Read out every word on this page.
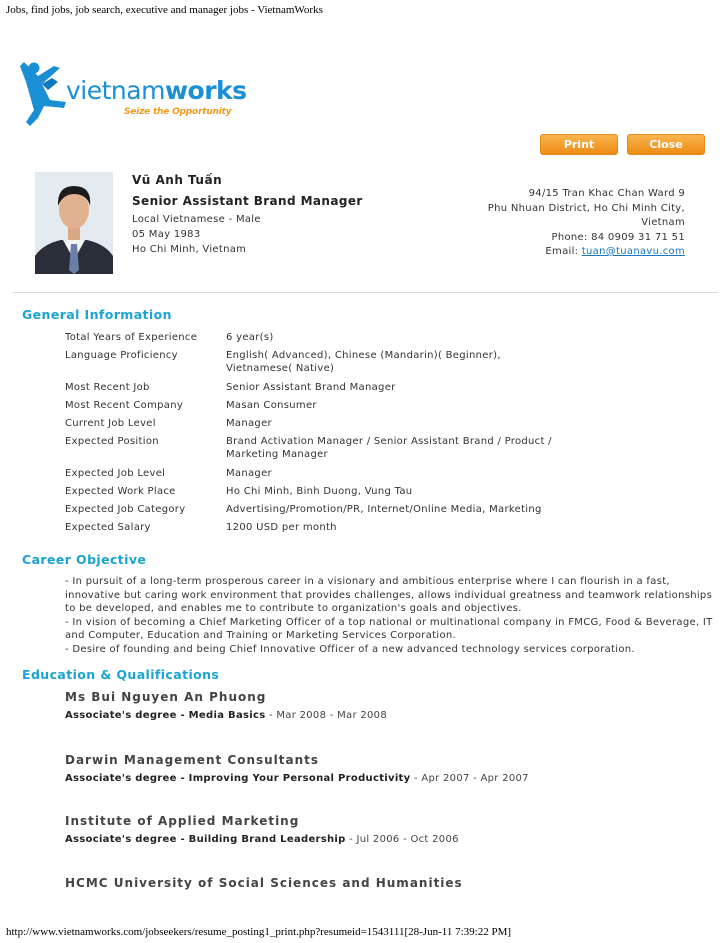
Jobs, find jobs, job search, executive and manager jobs - VietnamWorks
vietnamworks
Seize the Opportunity
Print	Close
Vũ Anh Tuấn
Senior Assistant Brand Manager
Local Vietnamese - Male
05 May 1983
Ho Chi Minh, Vietnam
94/15 Tran Khac Chan Ward 9
Phu Nhuan District, Ho Chi Minh City,
Vietnam
Phone: 84 0909 31 71 51
Email: tuan@tuanavu.com
General Information
Total Years of Experience	6 year(s)
Language Proficiency	English( Advanced), Chinese (Mandarin)( Beginner), Vietnamese( Native)
Most Recent Job	Senior Assistant Brand Manager
Most Recent Company	Masan Consumer
Current Job Level	Manager
Expected Position	Brand Activation Manager / Senior Assistant Brand / Product / Marketing Manager
Expected Job Level	Manager
Expected Work Place	Ho Chi Minh, Binh Duong, Vung Tau
Expected Job Category	Advertising/Promotion/PR, Internet/Online Media, Marketing
Expected Salary	1200 USD per month
Career Objective
- In pursuit of a long-term prosperous career in a visionary and ambitious enterprise where I can flourish in a fast, innovative but caring work environment that provides challenges, allows individual greatness and teamwork relationships to be developed, and enables me to contribute to organization's goals and objectives.
- In vision of becoming a Chief Marketing Officer of a top national or multinational company in FMCG, Food & Beverage, IT and Computer, Education and Training or Marketing Services Corporation.
- Desire of founding and being Chief Innovative Officer of a new advanced technology services corporation.
Education & Qualifications
Ms Bui Nguyen An Phuong
Associate's degree - Media Basics - Mar 2008 - Mar 2008
Darwin Management Consultants
Associate's degree - Improving Your Personal Productivity - Apr 2007 - Apr 2007
Institute of Applied Marketing
Associate's degree - Building Brand Leadership - Jul 2006 - Oct 2006
HCMC University of Social Sciences and Humanities
http://www.vietnamworks.com/jobseekers/resume_posting1_print.php?resumeid=1543111[28-Jun-11 7:39:22 PM]
